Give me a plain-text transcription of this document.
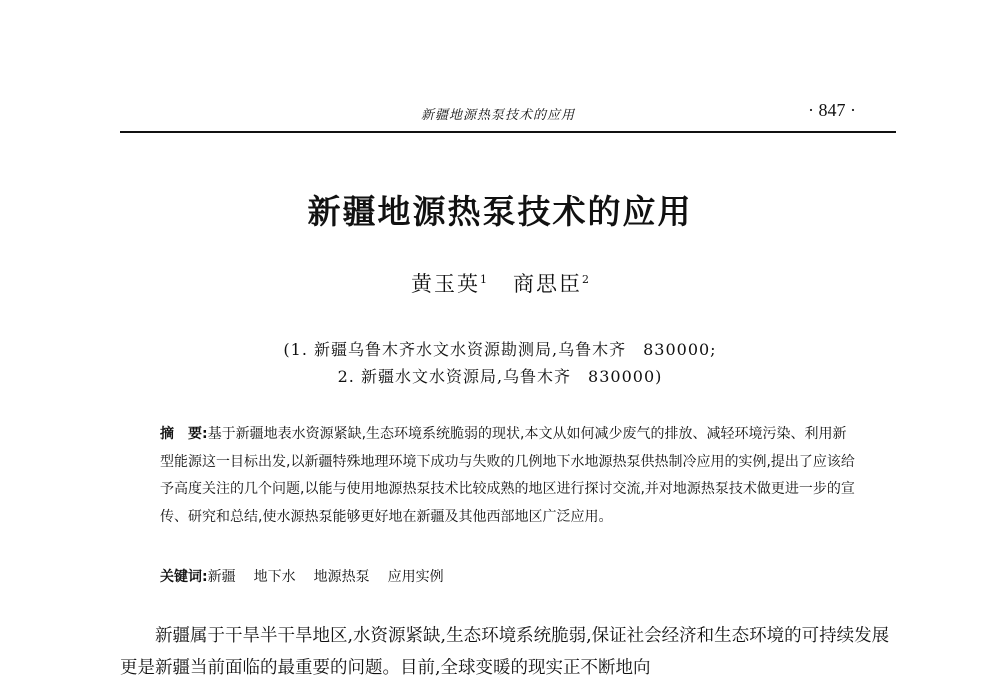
新疆地源热泵技术的应用	· 847 ·
新疆地源热泵技术的应用
黄玉英$^1$ 商思臣$^2$
(1. 新疆乌鲁木齐水文水资源勘测局,乌鲁木齐　830000;
2. 新疆水文水资源局,乌鲁木齐　830000)
摘　要:基于新疆地表水资源紧缺,生态环境系统脆弱的现状,本文从如何减少废气的排放、减轻环境污染、利用新型能源这一目标出发,以新疆特殊地理环境下成功与失败的几例地下水地源热泵供热制冷应用的实例,提出了应该给予高度关注的几个问题,以能与使用地源热泵技术比较成熟的地区进行探讨交流,并对地源热泵技术做更进一步的宣传、研究和总结,使水源热泵能够更好地在新疆及其他西部地区广泛应用。
关键词:新疆 地下水 地源热泵 应用实例
新疆属于干旱半干旱地区,水资源紧缺,生态环境系统脆弱,保证社会经济和生态环境的可持续发展更是新疆当前面临的最重要的问题。目前,全球变暖的现实正不断地向
